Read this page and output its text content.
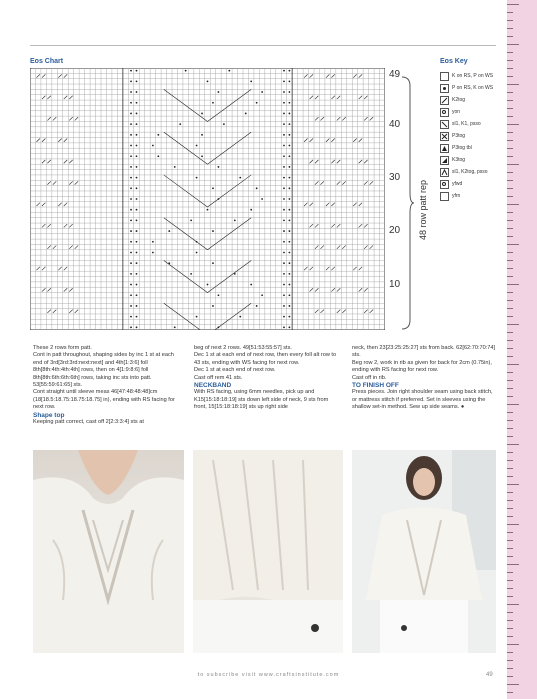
Eos Chart	Eos Key
49
40
30
20
10
48 row patt rep
K on RS, P on WS
P on RS, K on WS
K2tog
yon
sl1, K1, psso
P3tog
P3tog tbl
K3tog
sl1, K2tog, psso
yfwd
yfrn

These 2 rows form patt.

Cont in patt throughout, shaping sides by inc 1 st at each end of 3rd[3rd:3rd:next:next] and 4th[1:3:6] foll 8th[8th:4th:4th:4th] rows, then on 4[1:9:8:6] foll 8th[8th:6th:6th:6th] rows, taking inc sts into patt. 53[55:59:61:65] sts.

Cont straight until sleeve meas 46[47:48:48:48]cm (18[18.5:18.75:18.75:18.75] in), ending with RS facing for next row.

Shape top

Keeping patt correct, cast off 2[2:3:3:4] sts at

beg of next 2 rows. 49[51:53:55:57] sts.

Dec 1 st at each end of next row, then every foll alt row to 43 sts, ending with WS facing for next row.

Dec 1 st at each end of next row.

Cast off rem 41 sts.

NECKBAND

With RS facing, using 6mm needles, pick up and K15[15:18:18:19] sts down left side of neck, 9 sts from front, 15[15:18:18:19] sts up right side

neck, then 23[23:25:25:27] sts from back. 62[62:70:70:74] sts.

Beg row 2, work in rib as given for back for 2cm (0.75in), ending with RS facing for next row.

Cast off in rib.

TO FINISH OFF

Press pieces. Join right shoulder seam using back stitch, or mattress stitch if preferred. Set in sleeves using the shallow set-in method. Sew up side seams. ●

to subscribe visit www.craftsinstitute.com	49
